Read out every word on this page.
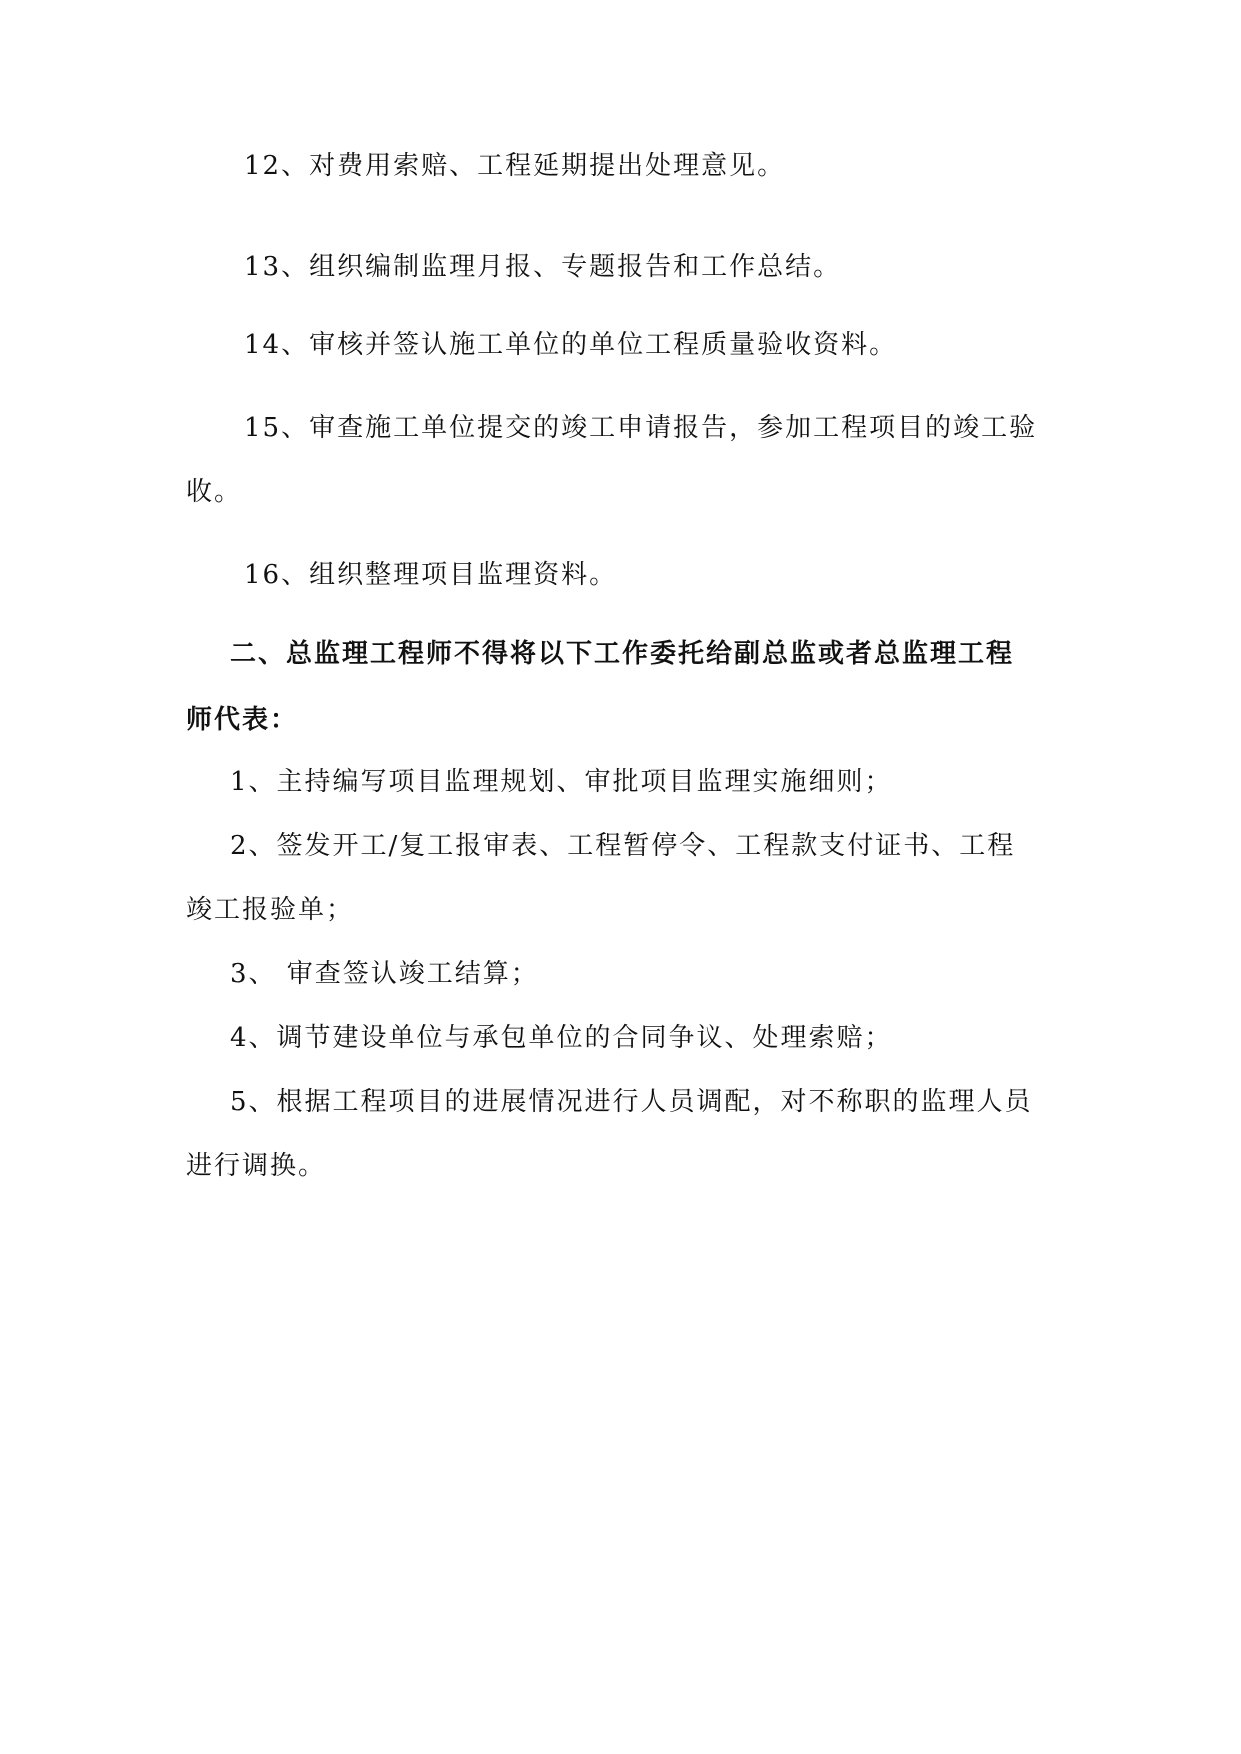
12、对费用索赔、工程延期提出处理意见。
13、组织编制监理月报、专题报告和工作总结。
14、审核并签认施工单位的单位工程质量验收资料。
15、审查施工单位提交的竣工申请报告，参加工程项目的竣工验
收。
16、组织整理项目监理资料。
二、总监理工程师不得将以下工作委托给副总监或者总监理工程
师代表：
1、主持编写项目监理规划、审批项目监理实施细则；
2、签发开工/复工报审表、工程暂停令、工程款支付证书、工程
竣工报验单；
3、 审查签认竣工结算；
4、调节建设单位与承包单位的合同争议、处理索赔；
5、根据工程项目的进展情况进行人员调配，对不称职的监理人员
进行调换。
